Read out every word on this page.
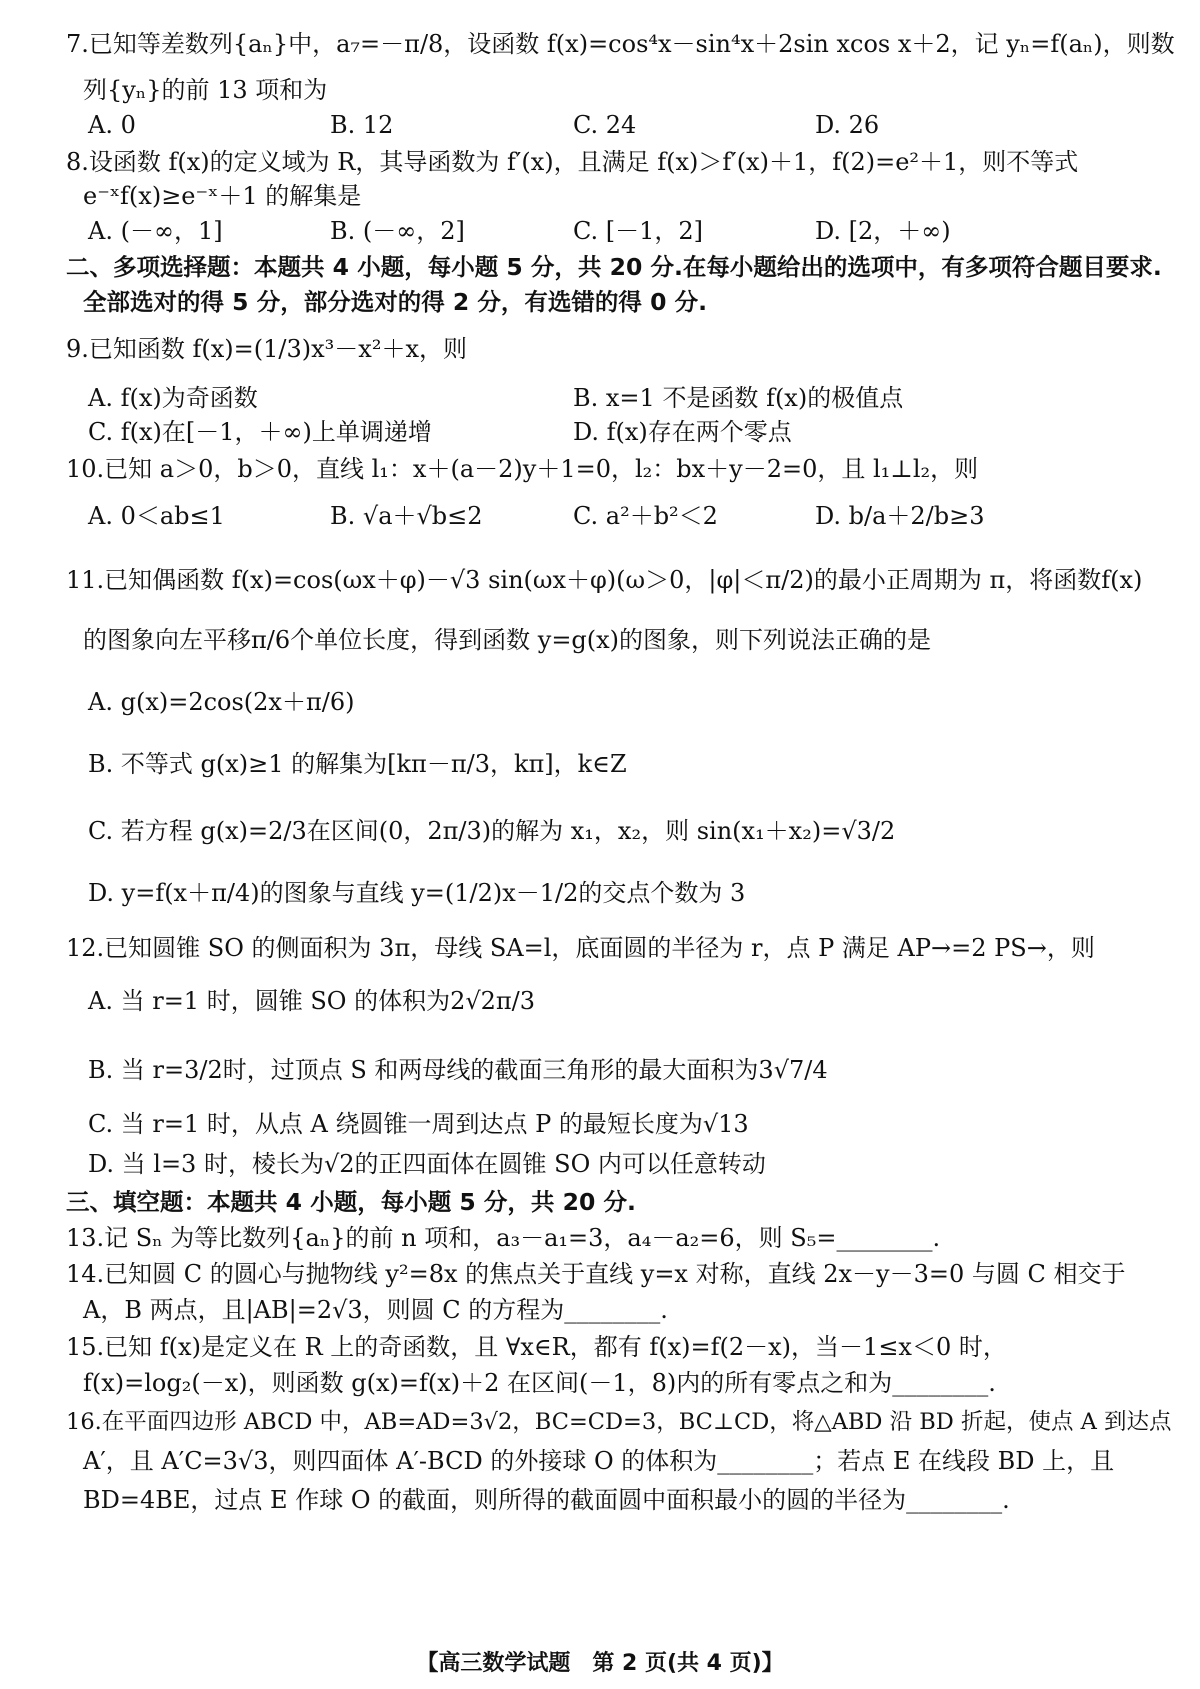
7.已知等差数列{aₙ}中，a₇=－π/8，设函数 f(x)=cos⁴x－sin⁴x＋2sin xcos x＋2，记 yₙ=f(aₙ)，则数
列{yₙ}的前 13 项和为
A. 0	B. 12	C. 24	D. 26
8.设函数 f(x)的定义域为 R，其导函数为 f′(x)，且满足 f(x)＞f′(x)＋1，f(2)=e²＋1，则不等式
e⁻ˣf(x)≥e⁻ˣ＋1 的解集是
A. (－∞，1]	B. (－∞，2]	C. [－1，2]	D. [2，＋∞)
二、多项选择题：本题共 4 小题，每小题 5 分，共 20 分.在每小题给出的选项中，有多项符合题目要求.
全部选对的得 5 分，部分选对的得 2 分，有选错的得 0 分.
9.已知函数 f(x)=(1/3)x³－x²＋x，则
A. f(x)为奇函数	B. x=1 不是函数 f(x)的极值点
C. f(x)在[－1，＋∞)上单调递增	D. f(x)存在两个零点
10.已知 a＞0，b＞0，直线 l₁：x＋(a－2)y＋1=0，l₂：bx＋y－2=0，且 l₁⊥l₂，则
A. 0＜ab≤1	B. √a＋√b≤2	C. a²＋b²＜2	D. b/a＋2/b≥3
11.已知偶函数 f(x)=cos(ωx＋φ)－√3 sin(ωx＋φ)(ω＞0，|φ|＜π/2)的最小正周期为 π，将函数f(x)
的图象向左平移π/6个单位长度，得到函数 y=g(x)的图象，则下列说法正确的是
A. g(x)=2cos(2x＋π/6)
B. 不等式 g(x)≥1 的解集为[kπ－π/3，kπ]，k∈Z
C. 若方程 g(x)=2/3在区间(0，2π/3)的解为 x₁，x₂，则 sin(x₁＋x₂)=√3/2
D. y=f(x＋π/4)的图象与直线 y=(1/2)x－1/2的交点个数为 3
12.已知圆锥 SO 的侧面积为 3π，母线 SA=l，底面圆的半径为 r，点 P 满足 AP→=2 PS→，则
A. 当 r=1 时，圆锥 SO 的体积为2√2π/3
B. 当 r=3/2时，过顶点 S 和两母线的截面三角形的最大面积为3√7/4
C. 当 r=1 时，从点 A 绕圆锥一周到达点 P 的最短长度为√13
D. 当 l=3 时，棱长为√2的正四面体在圆锥 SO 内可以任意转动
三、填空题：本题共 4 小题，每小题 5 分，共 20 分.
13.记 Sₙ 为等比数列{aₙ}的前 n 项和，a₃－a₁=3，a₄－a₂=6，则 S₅=________.
14.已知圆 C 的圆心与抛物线 y²=8x 的焦点关于直线 y=x 对称，直线 2x－y－3=0 与圆 C 相交于
A，B 两点，且|AB|=2√3，则圆 C 的方程为________.
15.已知 f(x)是定义在 R 上的奇函数，且 ∀x∈R，都有 f(x)=f(2－x)，当－1≤x＜0 时，
f(x)=log₂(－x)，则函数 g(x)=f(x)＋2 在区间(－1，8)内的所有零点之和为________.
16.在平面四边形 ABCD 中，AB=AD=3√2，BC=CD=3，BC⊥CD，将△ABD 沿 BD 折起，使点 A 到达点
A′，且 A′C=3√3，则四面体 A′-BCD 的外接球 O 的体积为________；若点 E 在线段 BD 上，且
BD=4BE，过点 E 作球 O 的截面，则所得的截面圆中面积最小的圆的半径为________.
【高三数学试题　第 2 页(共 4 页)】
